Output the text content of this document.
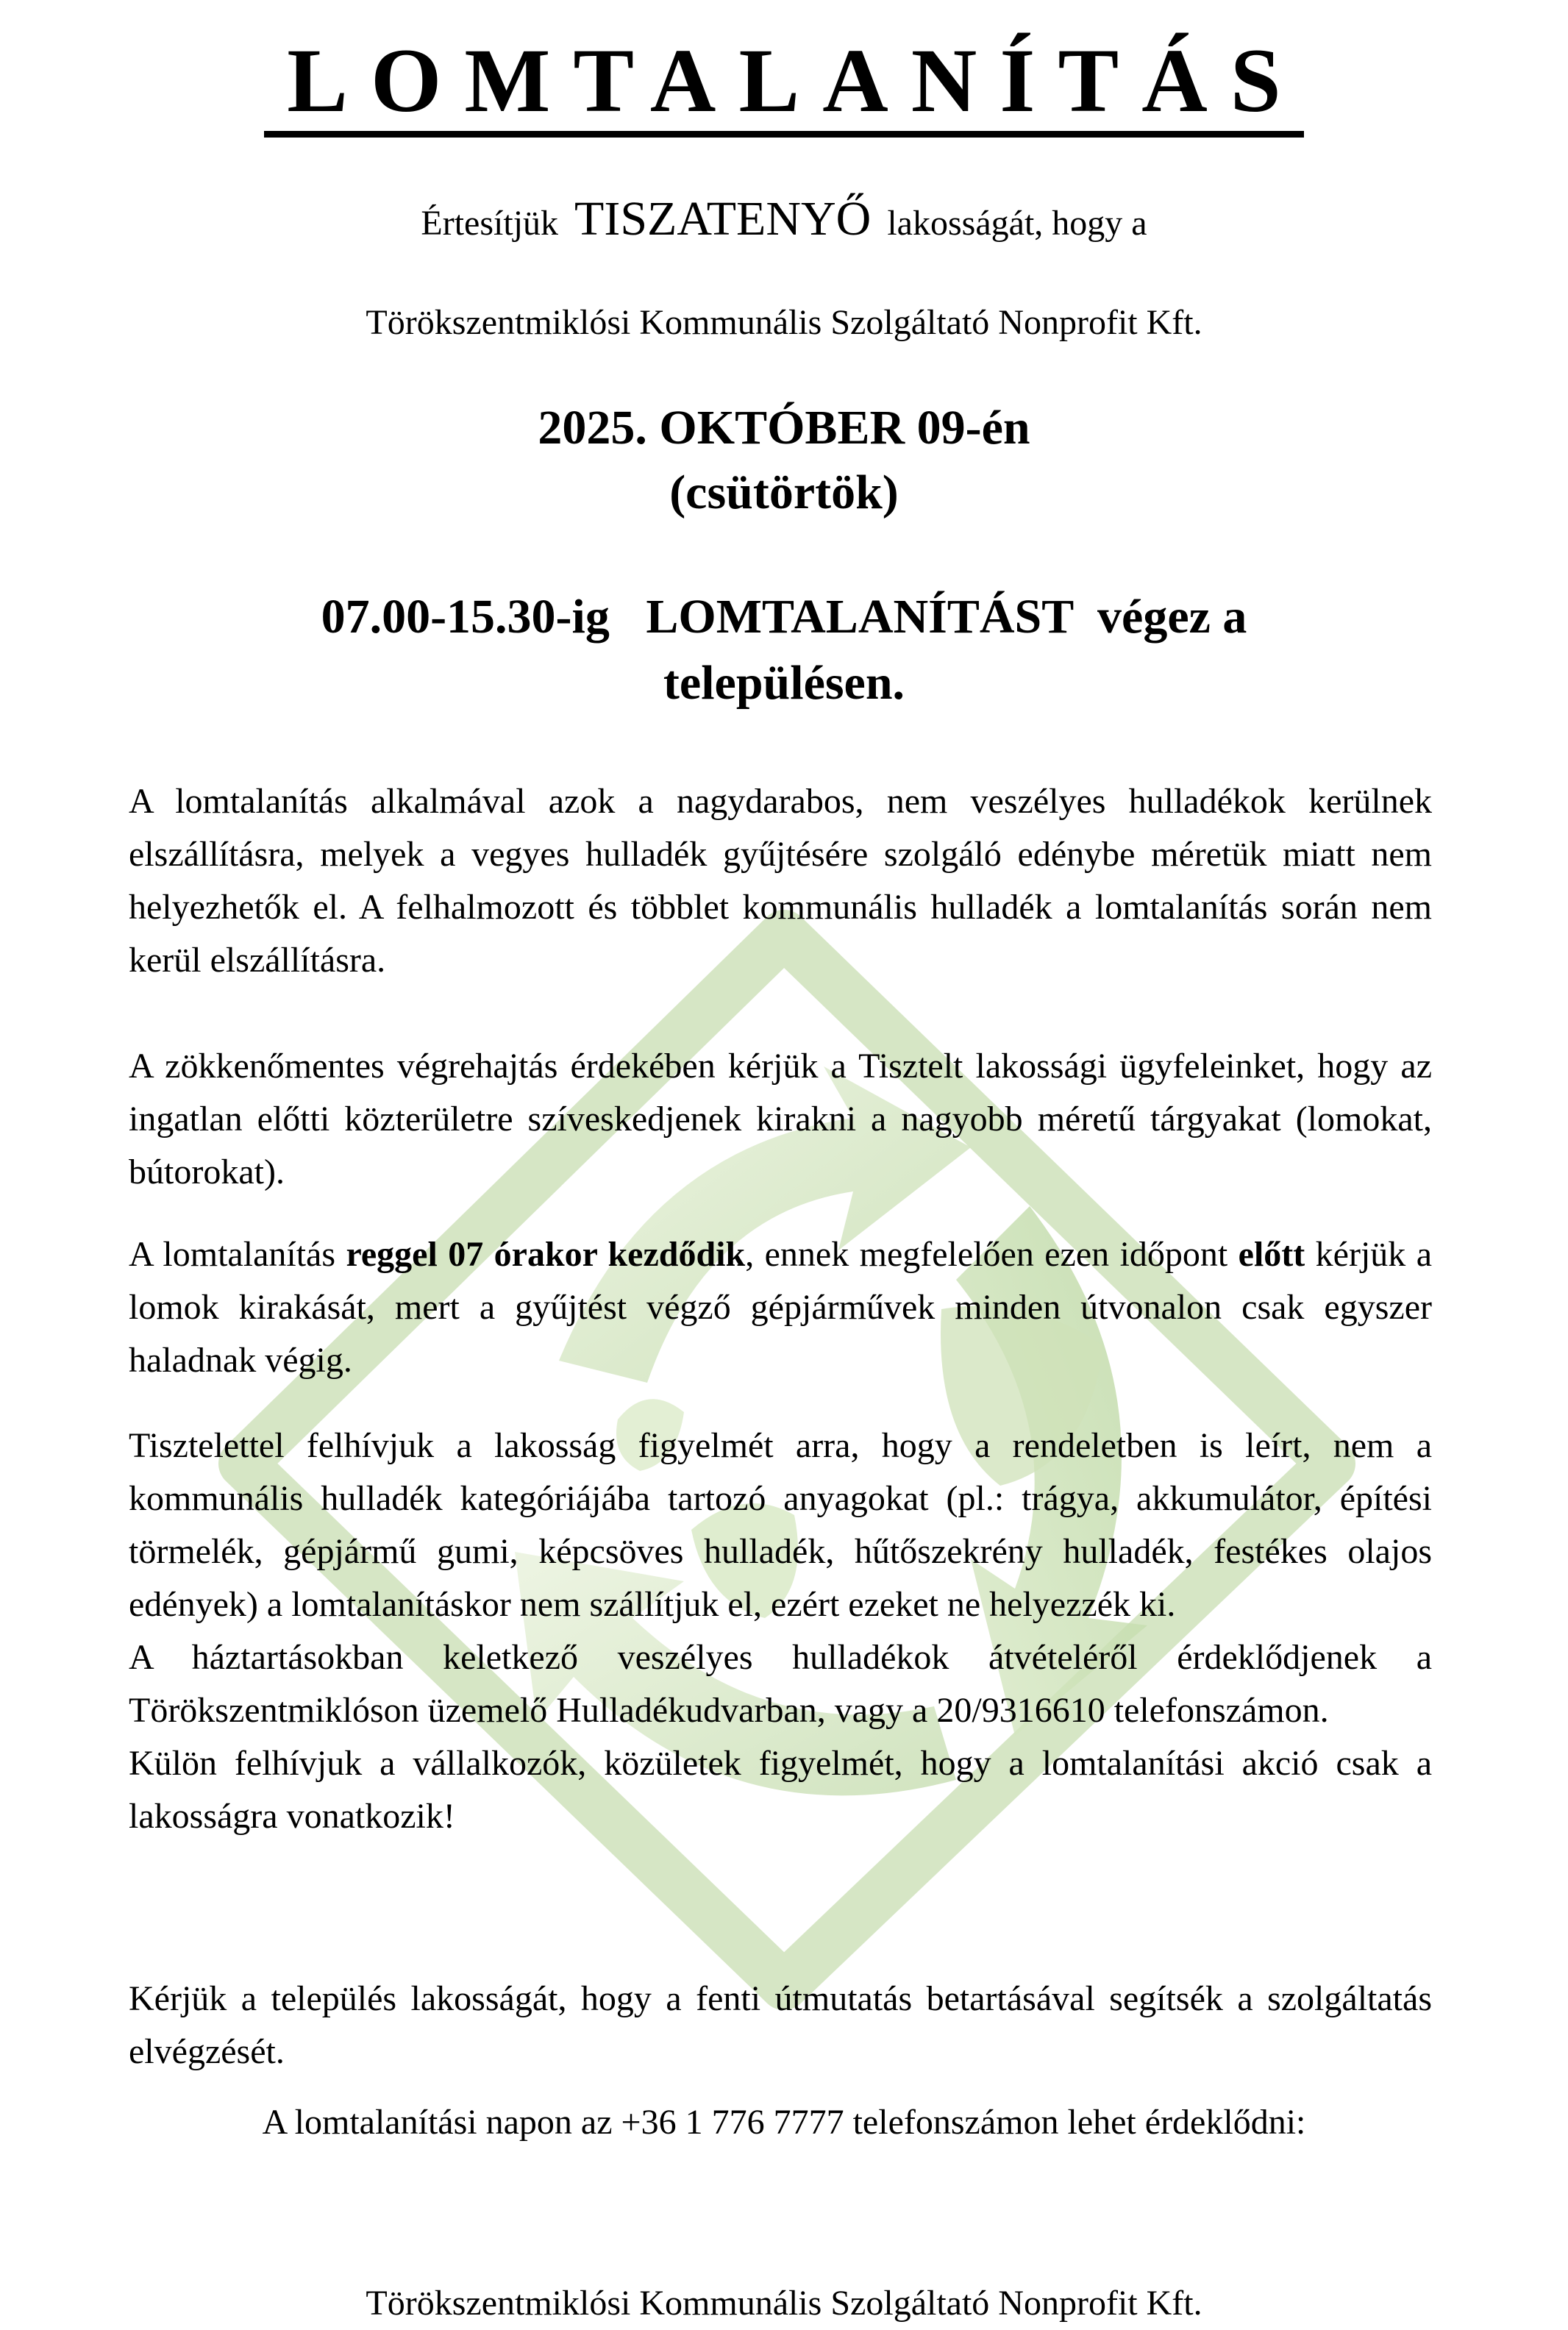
LOMTALANÍTÁS
Értesítjük TISZATENYŐ lakosságát, hogy a
Törökszentmiklósi Kommunális Szolgáltató Nonprofit Kft.
2025. OKTÓBER 09-én
(csütörtök)
07.00-15.30-ig   LOMTALANÍTÁST  végez a
településen.
A lomtalanítás alkalmával azok a nagydarabos, nem veszélyes hulladékok kerülnek elszállításra, melyek a vegyes hulladék gyűjtésére szolgáló edénybe méretük miatt nem helyezhetők el. A felhalmozott és többlet kommunális hulladék a lomtalanítás során nem kerül elszállításra.
A zökkenőmentes végrehajtás érdekében kérjük a Tisztelt lakossági ügyfeleinket, hogy az ingatlan előtti közterületre szíveskedjenek kirakni a nagyobb méretű tárgyakat (lomokat, bútorokat).
A lomtalanítás reggel 07 órakor kezdődik, ennek megfelelően ezen időpont előtt kérjük a lomok kirakását, mert a gyűjtést végző gépjárművek minden útvonalon csak egyszer haladnak végig.
Tisztelettel felhívjuk a lakosság figyelmét arra, hogy a rendeletben is leírt, nem a kommunális hulladék kategóriájába tartozó anyagokat (pl.: trágya, akkumulátor, építési törmelék, gépjármű gumi, képcsöves hulladék, hűtőszekrény hulladék, festékes olajos edények) a lomtalanításkor nem szállítjuk el, ezért ezeket ne helyezzék ki.
A háztartásokban keletkező veszélyes hulladékok átvételéről érdeklődjenek a Törökszentmiklóson üzemelő Hulladékudvarban, vagy a 20/9316610 telefonszámon.
Külön felhívjuk a vállalkozók, közületek figyelmét, hogy a lomtalanítási akció csak a lakosságra vonatkozik!
Kérjük a település lakosságát, hogy a fenti útmutatás betartásával segítsék a szolgáltatás elvégzését.
A lomtalanítási napon az +36 1 776 7777 telefonszámon lehet érdeklődni:
Törökszentmiklósi Kommunális Szolgáltató Nonprofit Kft.
